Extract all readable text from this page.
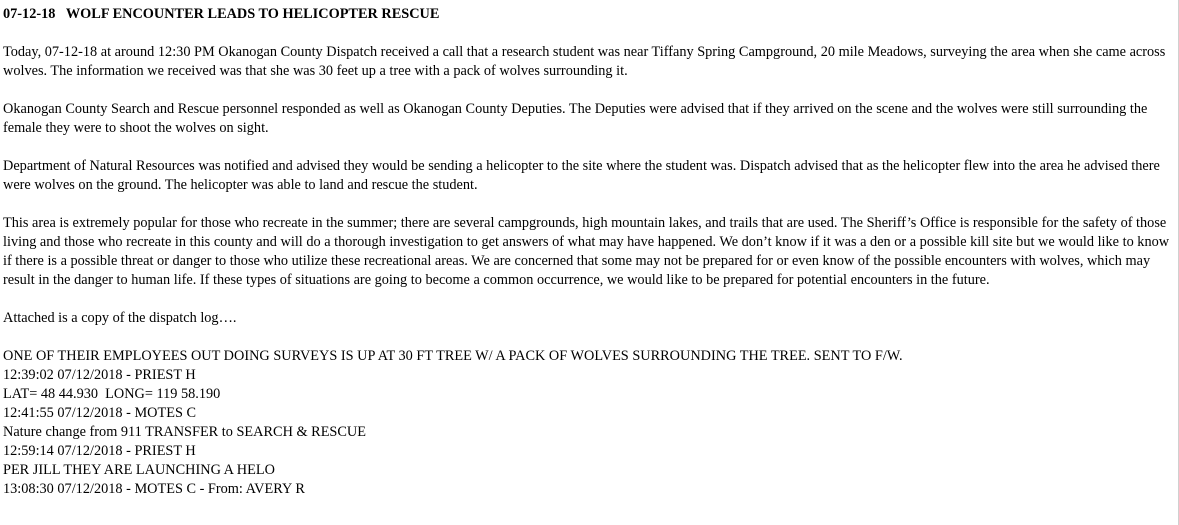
07-12-18   WOLF ENCOUNTER LEADS TO HELICOPTER RESCUE

Today, 07-12-18 at around 12:30 PM Okanogan County Dispatch received a call that a research student was near Tiffany Spring Campground, 20 mile Meadows, surveying the area when she came across wolves. The information we received was that she was 30 feet up a tree with a pack of wolves surrounding it.

Okanogan County Search and Rescue personnel responded as well as Okanogan County Deputies. The Deputies were advised that if they arrived on the scene and the wolves were still surrounding the female they were to shoot the wolves on sight.

Department of Natural Resources was notified and advised they would be sending a helicopter to the site where the student was. Dispatch advised that as the helicopter flew into the area he advised there were wolves on the ground. The helicopter was able to land and rescue the student.

This area is extremely popular for those who recreate in the summer; there are several campgrounds, high mountain lakes, and trails that are used. The Sheriff’s Office is responsible for the safety of those living and those who recreate in this county and will do a thorough investigation to get answers of what may have happened. We don’t know if it was a den or a possible kill site but we would like to know if there is a possible threat or danger to those who utilize these recreational areas. We are concerned that some may not be prepared for or even know of the possible encounters with wolves, which may result in the danger to human life. If these types of situations are going to become a common occurrence, we would like to be prepared for potential encounters in the future.

Attached is a copy of the dispatch log….

ONE OF THEIR EMPLOYEES OUT DOING SURVEYS IS UP AT 30 FT TREE W/ A PACK OF WOLVES SURROUNDING THE TREE. SENT TO F/W.
12:39:02 07/12/2018 - PRIEST H
LAT= 48 44.930  LONG= 119 58.190
12:41:55 07/12/2018 - MOTES C
Nature change from 911 TRANSFER to SEARCH & RESCUE
12:59:14 07/12/2018 - PRIEST H
PER JILL THEY ARE LAUNCHING A HELO
13:08:30 07/12/2018 - MOTES C - From: AVERY R
